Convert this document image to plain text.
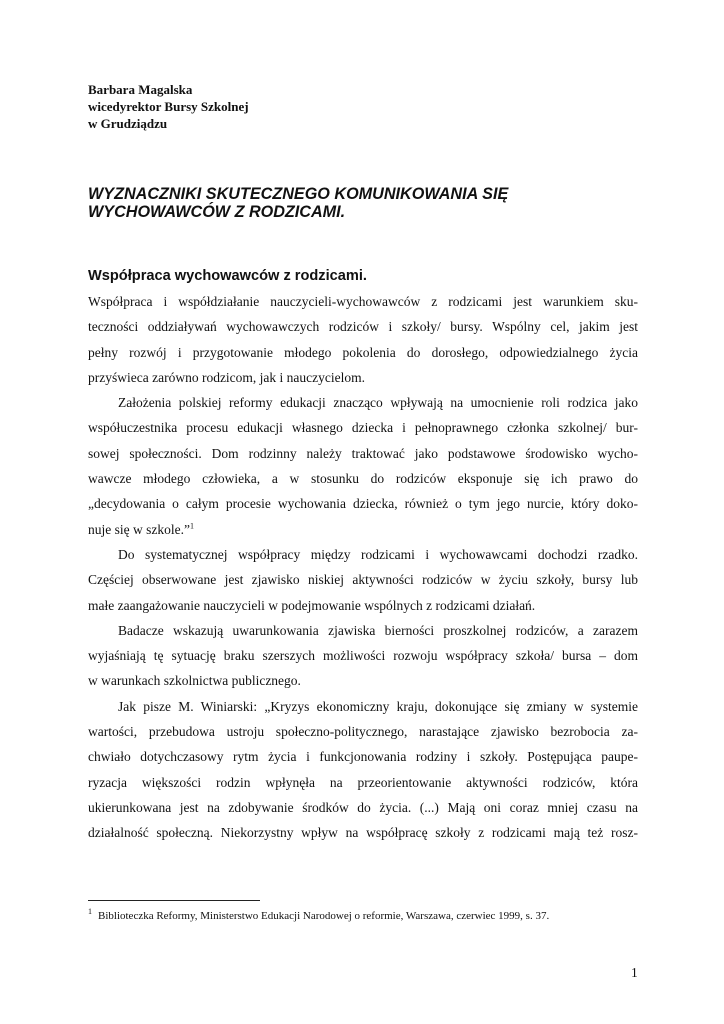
Barbara Magalska
wicedyrektor Bursy Szkolnej
w Grudziądzu
WYZNACZNIKI SKUTECZNEGO KOMUNIKOWANIA SIĘ
WYCHOWAWCÓW Z RODZICAMI.
Współpraca wychowawców z rodzicami.
Współpraca i współdziałanie nauczycieli-wychowawców z rodzicami jest warunkiem sku-
teczności oddziaływań wychowawczych rodziców i szkoły/ bursy. Wspólny cel, jakim jest
pełny rozwój i przygotowanie młodego pokolenia do dorosłego, odpowiedzialnego życia
przyświeca zarówno rodzicom, jak i nauczycielom.
Założenia polskiej reformy edukacji znacząco wpływają na umocnienie roli rodzica jako
współuczestnika procesu edukacji własnego dziecka i pełnoprawnego członka szkolnej/ bur-
sowej społeczności. Dom rodzinny należy traktować jako podstawowe środowisko wycho-
wawcze młodego człowieka, a w stosunku do rodziców eksponuje się ich prawo do
„decydowania o całym procesie wychowania dziecka, również o tym jego nurcie, który doko-
nuje się w szkole.”$^1$
Do systematycznej współpracy między rodzicami i wychowawcami dochodzi rzadko.
Częściej obserwowane jest zjawisko niskiej aktywności rodziców w życiu szkoły, bursy lub
małe zaangażowanie nauczycieli w podejmowanie wspólnych z rodzicami działań.
Badacze wskazują uwarunkowania zjawiska bierności proszkolnej rodziców, a zarazem
wyjaśniają tę sytuację braku szerszych możliwości rozwoju współpracy szkoła/ bursa – dom
w warunkach szkolnictwa publicznego.
Jak pisze M. Winiarski: „Kryzys ekonomiczny kraju, dokonujące się zmiany w systemie
wartości, przebudowa ustroju społeczno-politycznego, narastające zjawisko bezrobocia za-
chwiało dotychczasowy rytm życia i funkcjonowania rodziny i szkoły. Postępująca paupe-
ryzacja większości rodzin wpłynęła na przeorientowanie aktywności rodziców, która
ukierunkowana jest na zdobywanie środków do życia. (...) Mają oni coraz mniej czasu na
działalność społeczną. Niekorzystny wpływ na współpracę szkoły z rodzicami mają też rosz-
$^1$ Biblioteczka Reformy, Ministerstwo Edukacji Narodowej o reformie, Warszawa, czerwiec 1999, s. 37.
1
